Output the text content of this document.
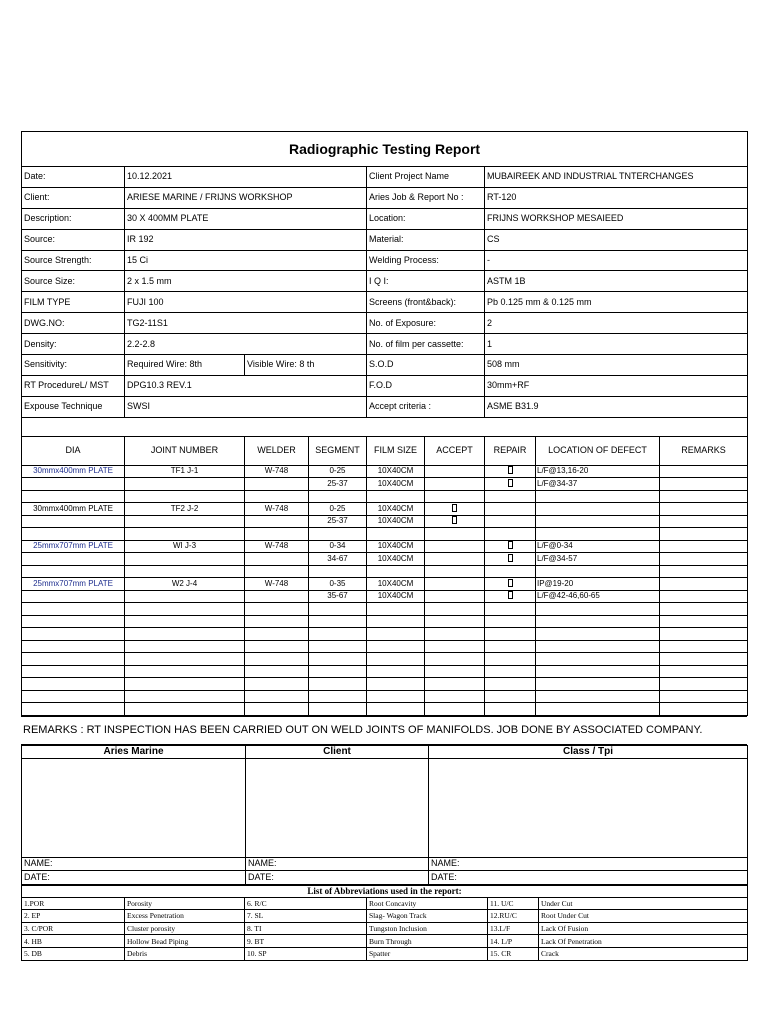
Radiographic Testing Report								
Date:	10.12.2021			Client Project Name		MUBAIREEK AND INDUSTRIAL TNTERCHANGES		
Client:	ARIESE MARINE / FRIJNS WORKSHOP			Aries Job & Report No :		RT-120		
Description:	30 X 400MM PLATE			Location:		FRIJNS WORKSHOP MESAIEED		
Source:	IR 192			Material:		CS		
Source Strength:	15 Ci			Welding Process:		-		
Source Size:	2 x 1.5 mm			I Q I:		ASTM 1B		
FILM TYPE	FUJI 100			Screens (front&back):		Pb 0.125 mm & 0.125 mm		
DWG.NO:	TG2-11S1			No. of Exposure:		2		
Density:	2.2-2.8			No. of film per cassette:		1		
Sensitivity:	Required Wire: 8th	Visible Wire: 8 th		S.O.D		508 mm		
RT ProcedureL/ MST	DPG10.3 REV.1			F.O.D		30mm+RF		
Expouse Technique	SWSI			Accept criteria :		ASME B31.9		

DIA	JOINT NUMBER	WELDER	SEGMENT	FILM SIZE	ACCEPT	REPAIR	LOCATION OF DEFECT	REMARKS
30mmx400mm PLATE	TF1 J-1	W-748	0-25	10X40CM			L/F@13,16-20	
			25-37	10X40CM			L/F@34-37	

30mmx400mm PLATE	TF2 J-2	W-748	0-25	10X40CM				
			25-37	10X40CM				

25mmx707mm PLATE	WI J-3	W-748	0-34	10X40CM			L/F@0-34	
			34-67	10X40CM			L/F@34-57	

25mmx707mm PLATE	W2 J-4	W-748	0-35	10X40CM			IP@19-20	
			35-67	10X40CM			L/F@42-46,60-65	

REMARKS : RT INSPECTION HAS BEEN CARRIED OUT ON WELD JOINTS OF MANIFOLDS. JOB DONE BY ASSOCIATED COMPANY.
Aries Marine	Client	Class / Tpi

NAME:	NAME:	NAME:
DATE:	DATE:	DATE:
List of Abbreviations used in the report:					
1.POR	Porosity	6. R/C	Root Concavity	11. U/C	Under Cut
2. EP	Excess Penetration	7. SL	Slag- Wagon Track	12.RU/C	Root Under Cut
3. C/POR	Cluster porosity	8. TI	Tungston Inclusion	13.L/F	Lack Of Fusion
4. HB	Hollow Bead Piping	9. BT	Burn Through	14. L/P	Lack Of Penetration
5. DB	Debris	10. SP	Spatter	15. CR	Crack
